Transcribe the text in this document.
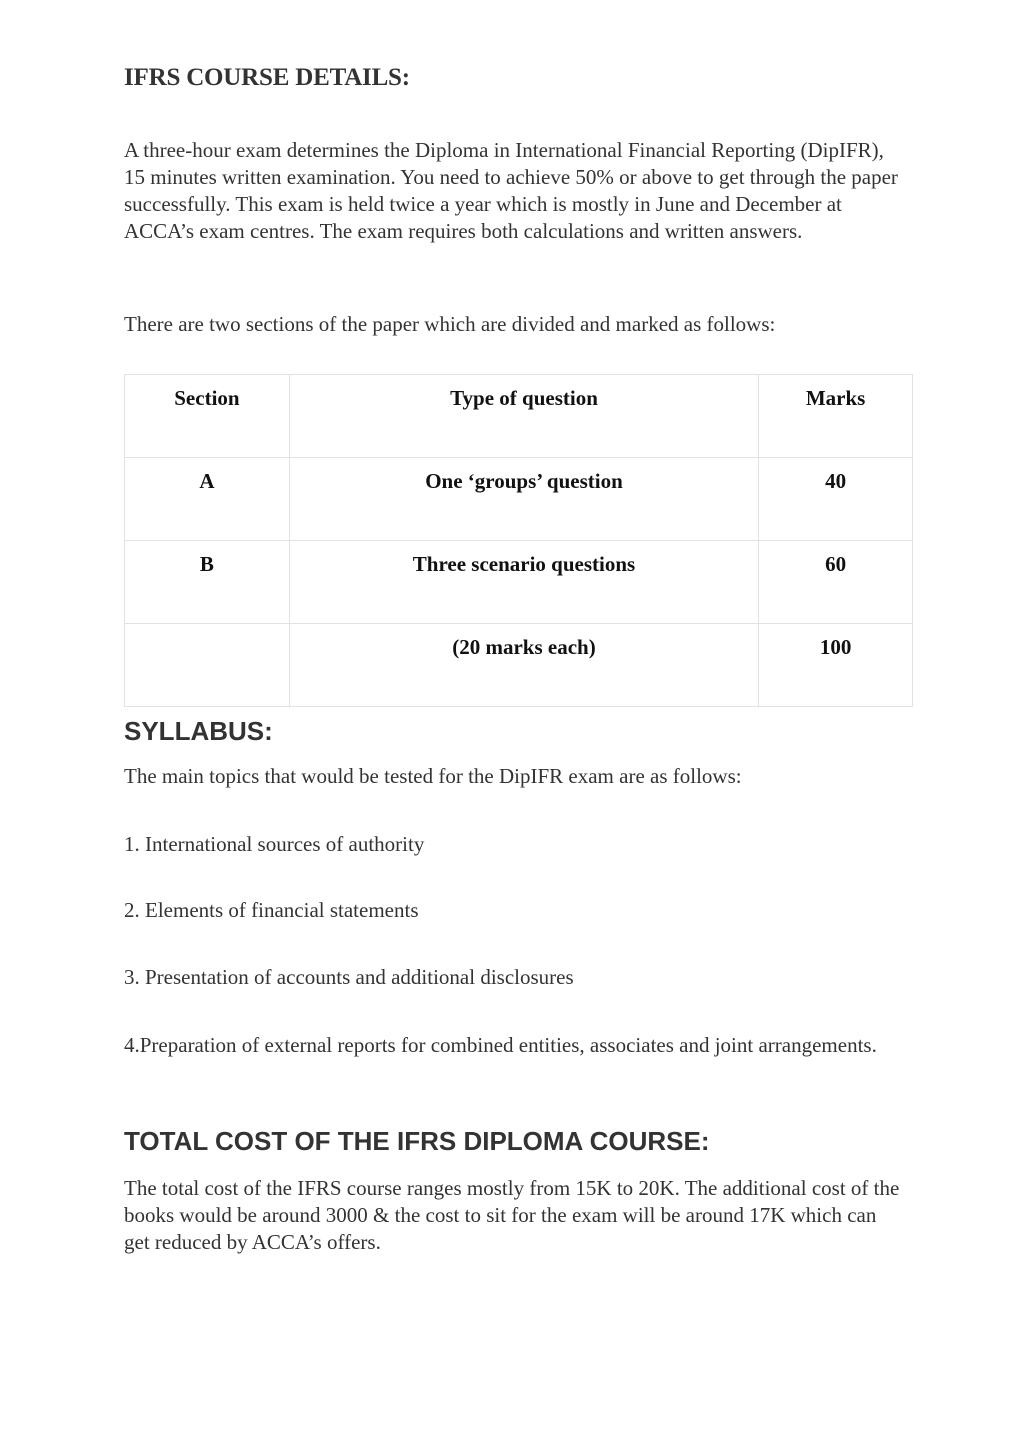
IFRS COURSE DETAILS:

A three-hour exam determines the Diploma in International Financial Reporting (DipIFR), 15 minutes written examination. You need to achieve 50% or above to get through the paper successfully. This exam is held twice a year which is mostly in June and December at ACCA’s exam centres. The exam requires both calculations and written answers.

There are two sections of the paper which are divided and marked as follows:

Section	Type of question	Marks
A	One ‘groups’ question	40
B	Three scenario questions	60
	(20 marks each)	100
SYLLABUS:

The main topics that would be tested for the DipIFR exam are as follows:

1. International sources of authority

2. Elements of financial statements

3. Presentation of accounts and additional disclosures

4.Preparation of external reports for combined entities, associates and joint arrangements.

TOTAL COST OF THE IFRS DIPLOMA COURSE:

The total cost of the IFRS course ranges mostly from 15K to 20K. The additional cost of the books would be around 3000 & the cost to sit for the exam will be around 17K which can get reduced by ACCA’s offers.
